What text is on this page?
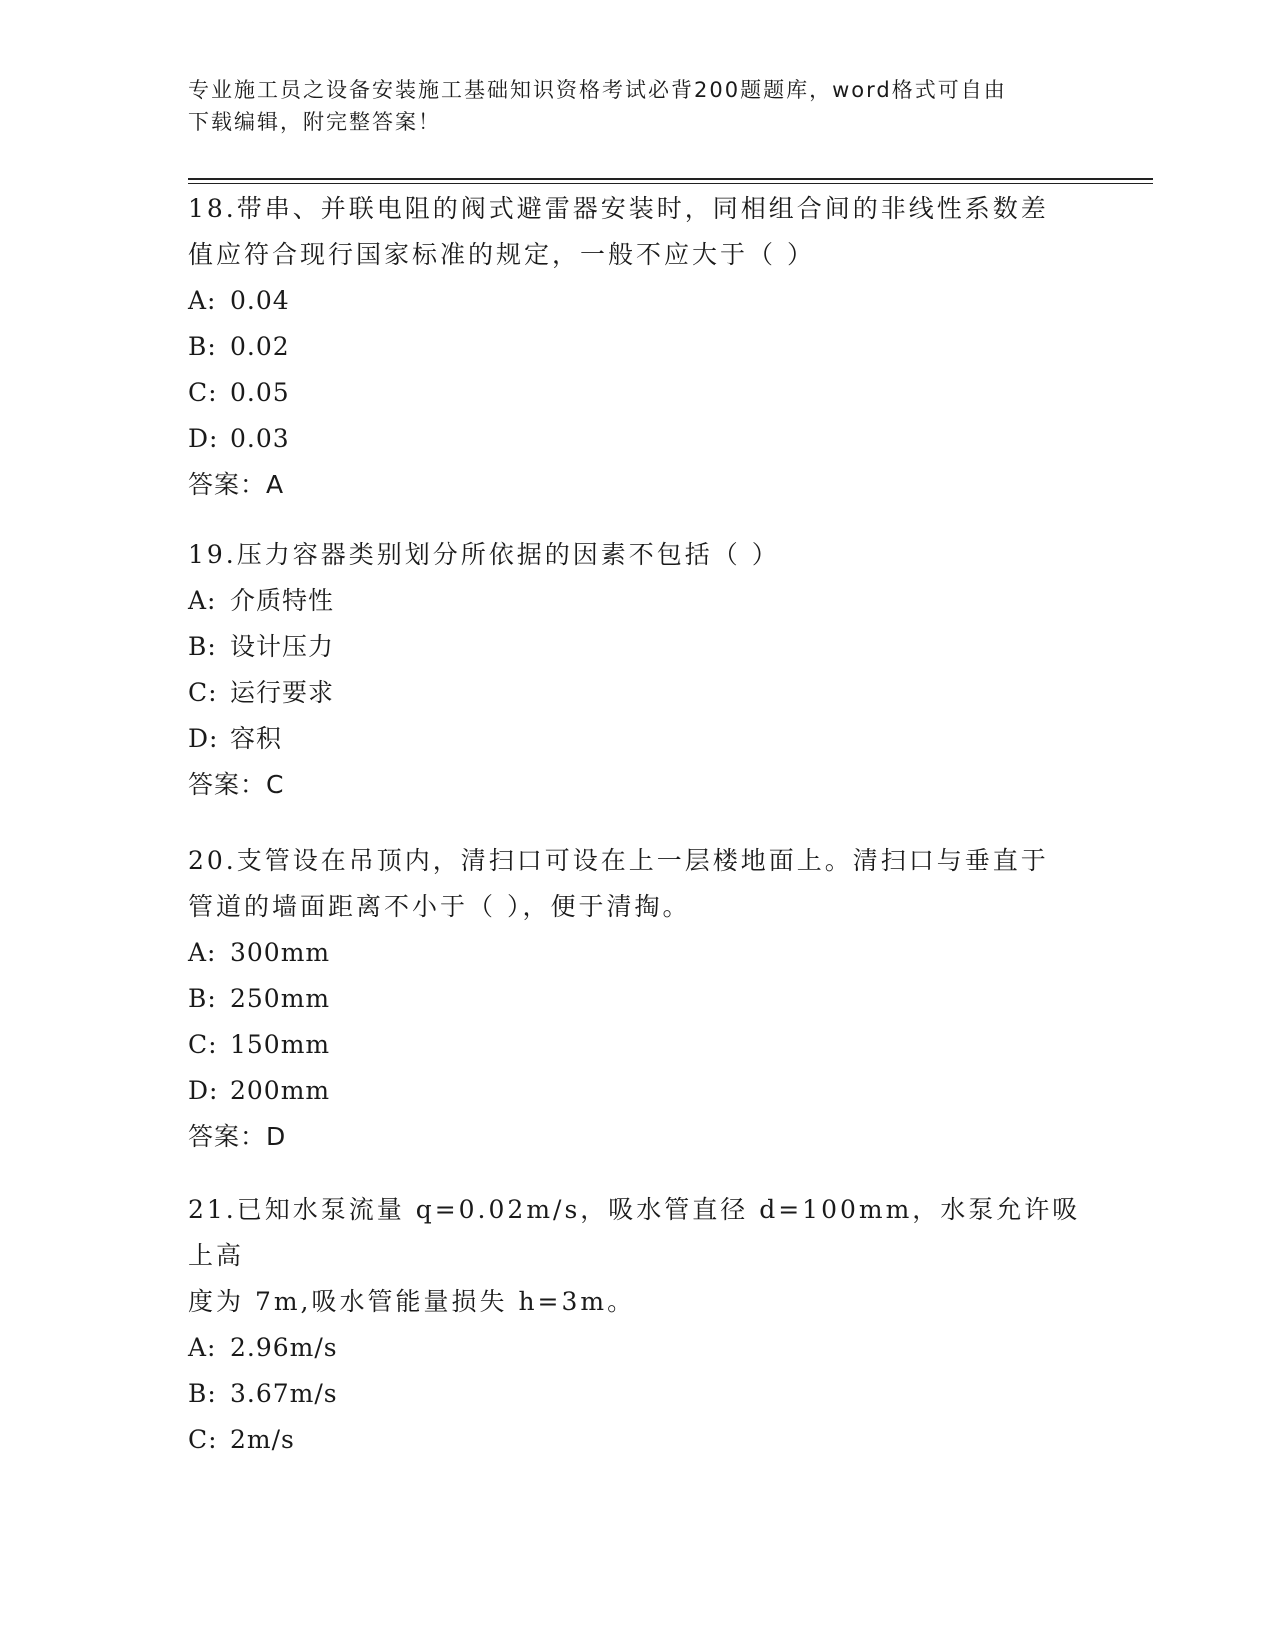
专业施工员之设备安装施工基础知识资格考试必背200题题库，word格式可自由
下载编辑，附完整答案！

18.带串、并联电阻的阀式避雷器安装时，同相组合间的非线性系数差

值应符合现行国家标准的规定，一般不应大于（ ）

A: 0.04

B: 0.02

C: 0.05

D: 0.03

答案：A

19.压力容器类别划分所依据的因素不包括（ ）

A: 介质特性

B: 设计压力

C: 运行要求

D: 容积

答案：C

20.支管设在吊顶内，清扫口可设在上一层楼地面上。清扫口与垂直于

管道的墙面距离不小于（ ），便于清掏。

A: 300mm

B: 250mm

C: 150mm

D: 200mm

答案：D

21.已知水泵流量 q=0.02m/s，吸水管直径 d=100mm，水泵允许吸上高

度为 7m,吸水管能量损失 h=3m。

A: 2.96m/s

B: 3.67m/s

C: 2m/s
